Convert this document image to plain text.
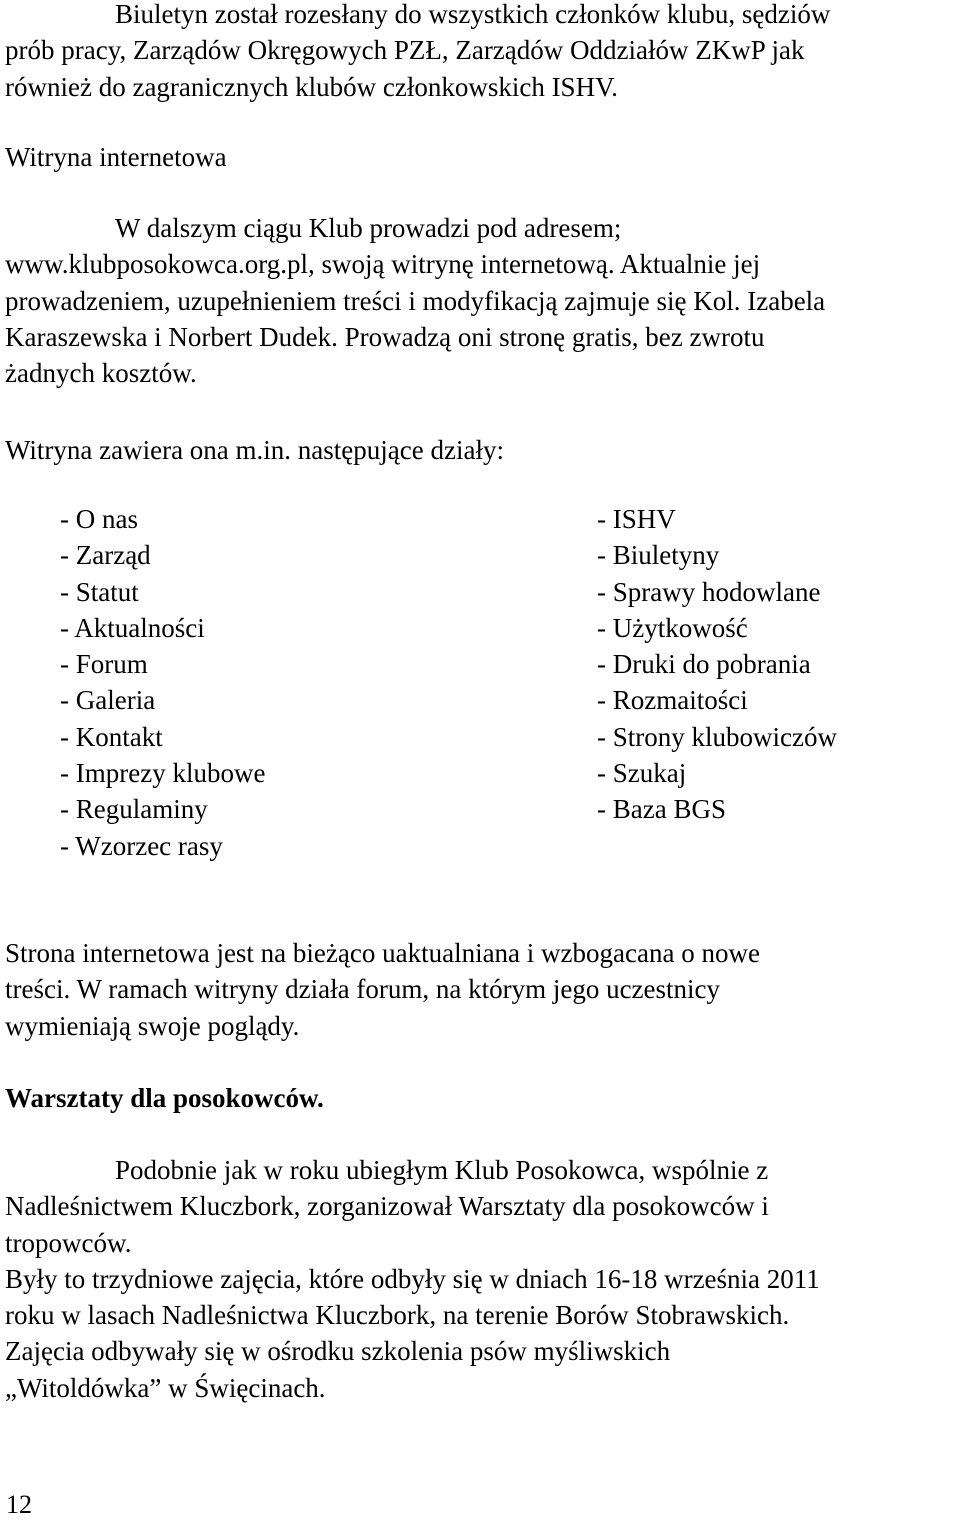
Biuletyn został rozesłany do wszystkich członków klubu, sędziów
prób pracy, Zarządów Okręgowych PZŁ, Zarządów Oddziałów ZKwP jak
również do zagranicznych klubów członkowskich ISHV.

Witryna internetowa

W dalszym ciągu Klub prowadzi pod adresem;
www.klubposokowca.org.pl, swoją witrynę internetową. Aktualnie jej
prowadzeniem, uzupełnieniem treści i modyfikacją zajmuje się Kol. Izabela
Karaszewska i Norbert Dudek. Prowadzą oni stronę gratis, bez zwrotu
żadnych kosztów.

Witryna zawiera ona m.in. następujące działy:

- O nas
- Zarząd
- Statut
- Aktualności
- Forum
- Galeria
- Kontakt
- Imprezy klubowe
- Regulaminy
- Wzorzec rasy
- ISHV
- Biuletyny
- Sprawy hodowlane
- Użytkowość
- Druki do pobrania
- Rozmaitości
- Strony klubowiczów
- Szukaj
- Baza BGS

Strona internetowa jest na bieżąco uaktualniana i wzbogacana o nowe
treści. W ramach witryny działa forum, na którym jego uczestnicy
wymieniają swoje poglądy.

Warsztaty dla posokowców.

Podobnie jak w roku ubiegłym Klub Posokowca, wspólnie z
Nadleśnictwem Kluczbork, zorganizował Warsztaty dla posokowców i
tropowców.
Były to trzydniowe zajęcia, które odbyły się w dniach 16-18 września 2011
roku w lasach Nadleśnictwa Kluczbork, na terenie Borów Stobrawskich.
Zajęcia odbywały się w ośrodku szkolenia psów myśliwskich
„Witoldówka” w Święcinach.

12
